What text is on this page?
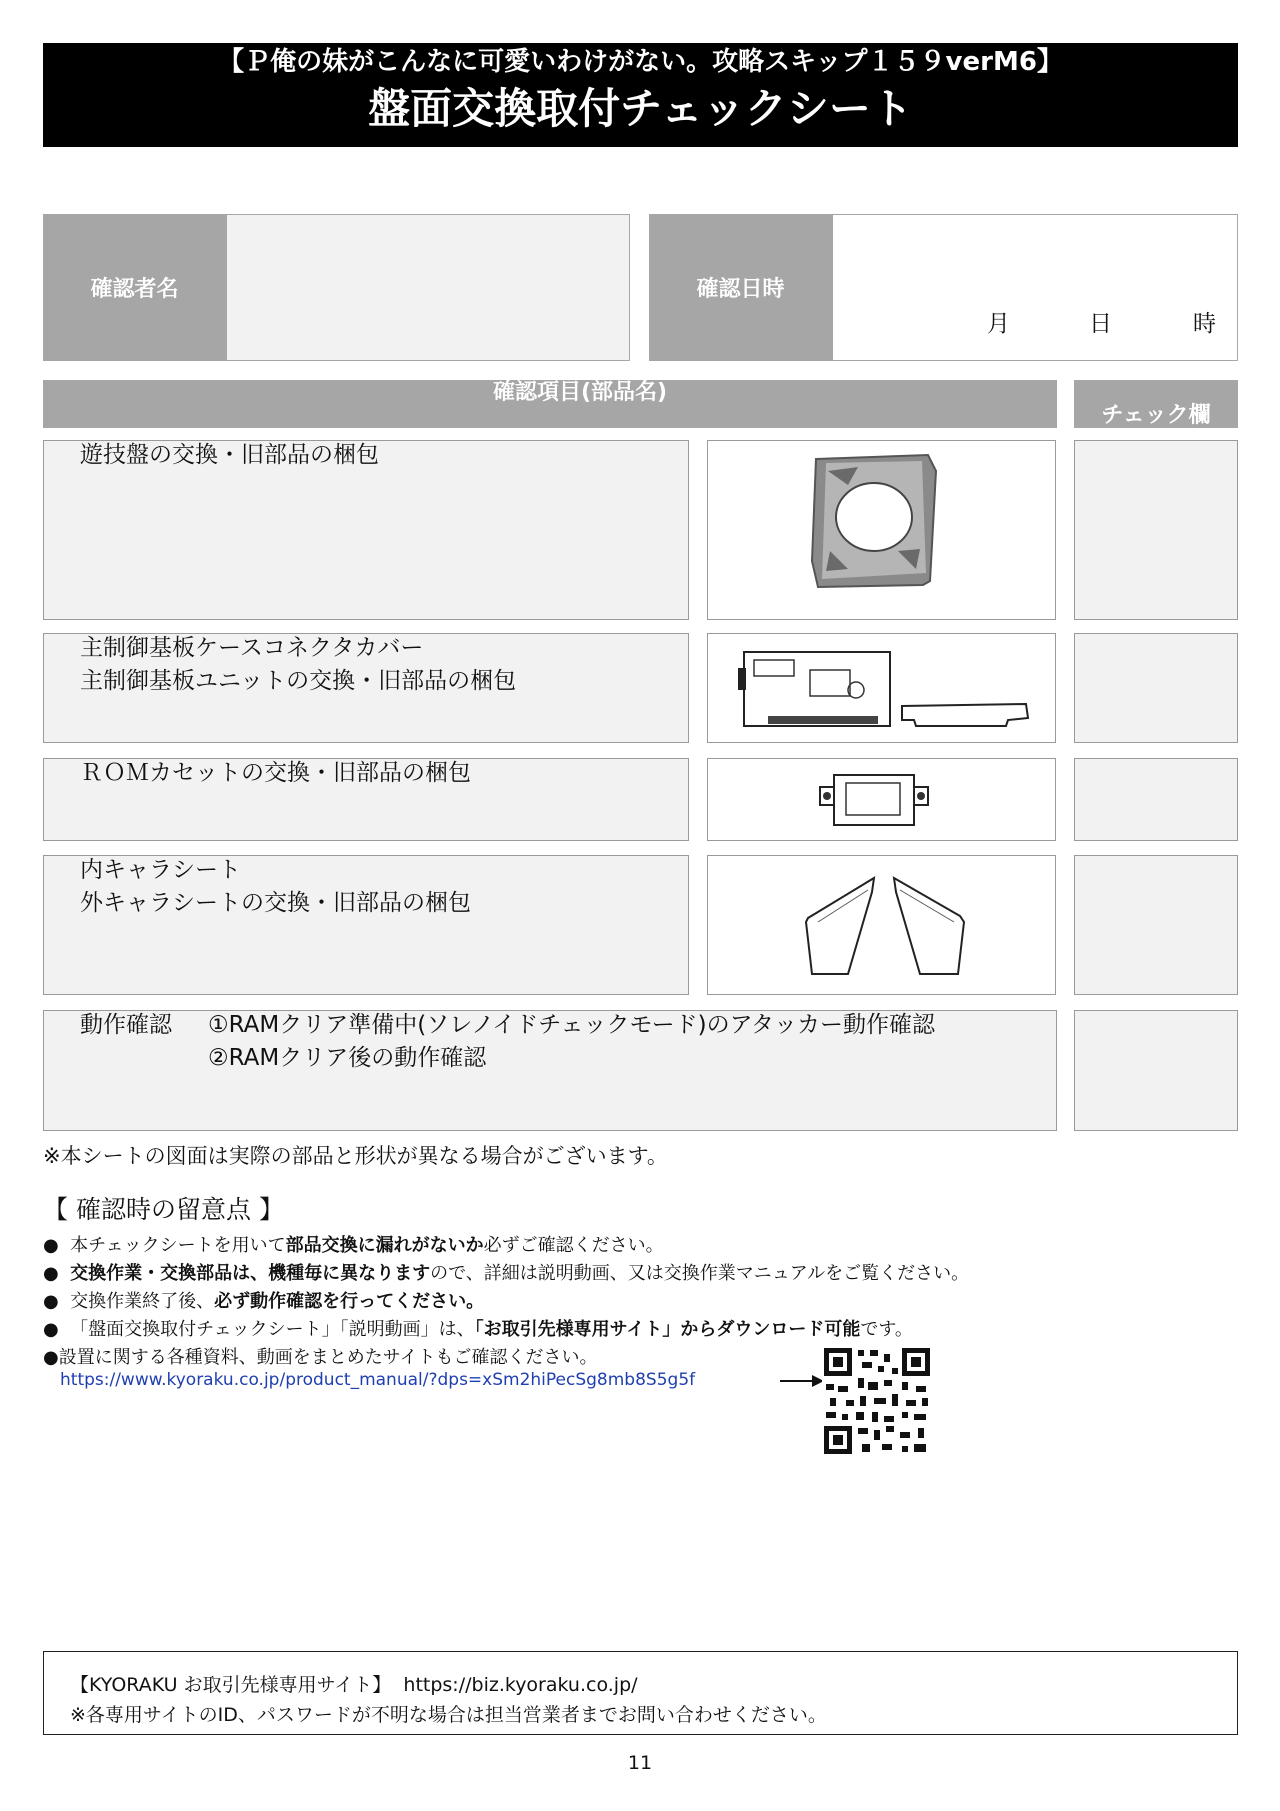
【Ｐ俺の妹がこんなに可愛いわけがない。攻略スキップ１５９verM6】
盤面交換取付チェックシート
確認者名	確認日時
月	日	時
確認項目(部品名)
チェック欄
遊技盤の交換・旧部品の梱包
主制御基板ケースコネクタカバー
主制御基板ユニットの交換・旧部品の梱包
ＲＯＭカセットの交換・旧部品の梱包
内キャラシート
外キャラシートの交換・旧部品の梱包
動作確認 ①RAMクリア準備中(ソレノイドチェックモード)のアタッカー動作確認
②RAMクリア後の動作確認
※本シートの図面は実際の部品と形状が異なる場合がございます。
【 確認時の留意点 】
●  本チェックシートを用いて部品交換に漏れがないか必ずご確認ください。
●  交換作業・交換部品は、機種毎に異なりますので、詳細は説明動画、又は交換作業マニュアルをご覧ください。
●  交換作業終了後、必ず動作確認を行ってください。
●  「盤面交換取付チェックシート」「説明動画」は、「お取引先様専用サイト」からダウンロード可能です。
●設置に関する各種資料、動画をまとめたサイトもご確認ください。
https://www.kyoraku.co.jp/product_manual/?dps=xSm2hiPecSg8mb8S5g5f
【KYORAKU お取引先様専用サイト】 https://biz.kyoraku.co.jp/
※各専用サイトのID、パスワードが不明な場合は担当営業者までお問い合わせください。
11
